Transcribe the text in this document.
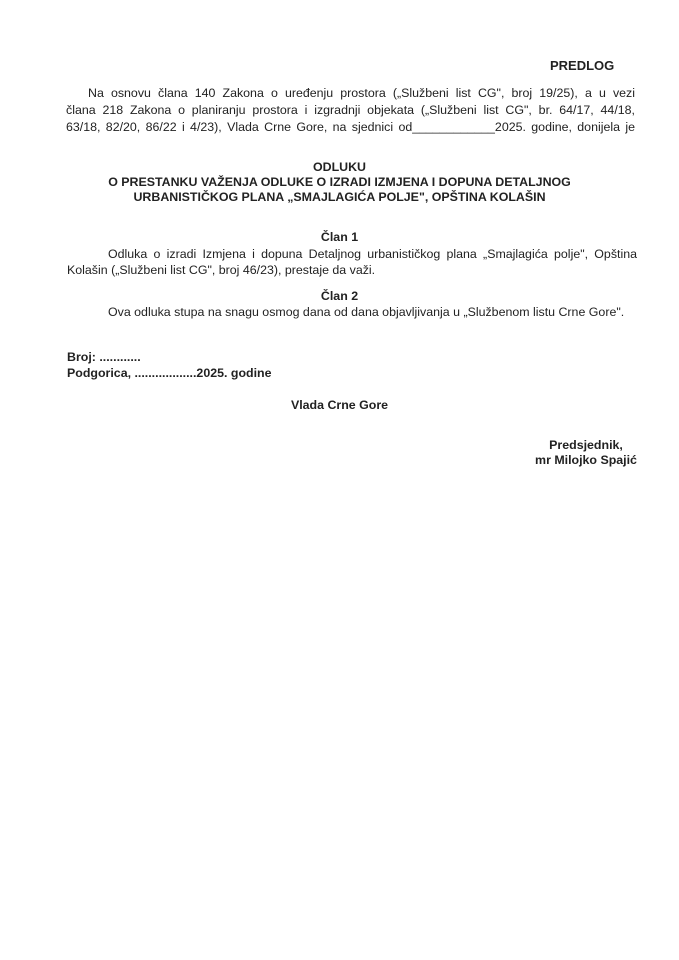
PREDLOG
Na osnovu člana 140 Zakona o uređenju prostora („Službeni list CG", broj 19/25), a u vezi
člana 218 Zakona o planiranju prostora i izgradnji objekata („Službeni list CG", br. 64/17, 44/18,
63/18, 82/20, 86/22 i 4/23), Vlada Crne Gore, na sjednici od____________2025. godine, donijela je
ODLUKU
O PRESTANKU VAŽENJA ODLUKE O IZRADI IZMJENA I DOPUNA DETALJNOG
URBANISTIČKOG PLANA „SMAJLAGIĆA POLJE", OPŠTINA KOLAŠIN
Član 1
Odluka o izradi Izmjena i dopuna Detaljnog urbanističkog plana „Smajlagića polje", Opština
Kolašin („Službeni list CG", broj 46/23), prestaje da važi.
Član 2
Ova odluka stupa na snagu osmog dana od dana objavljivanja u „Službenom listu Crne Gore".
Broj: ............
Podgorica, ..................2025. godine
Vlada Crne Gore
Predsjednik,
mr Milojko Spajić
